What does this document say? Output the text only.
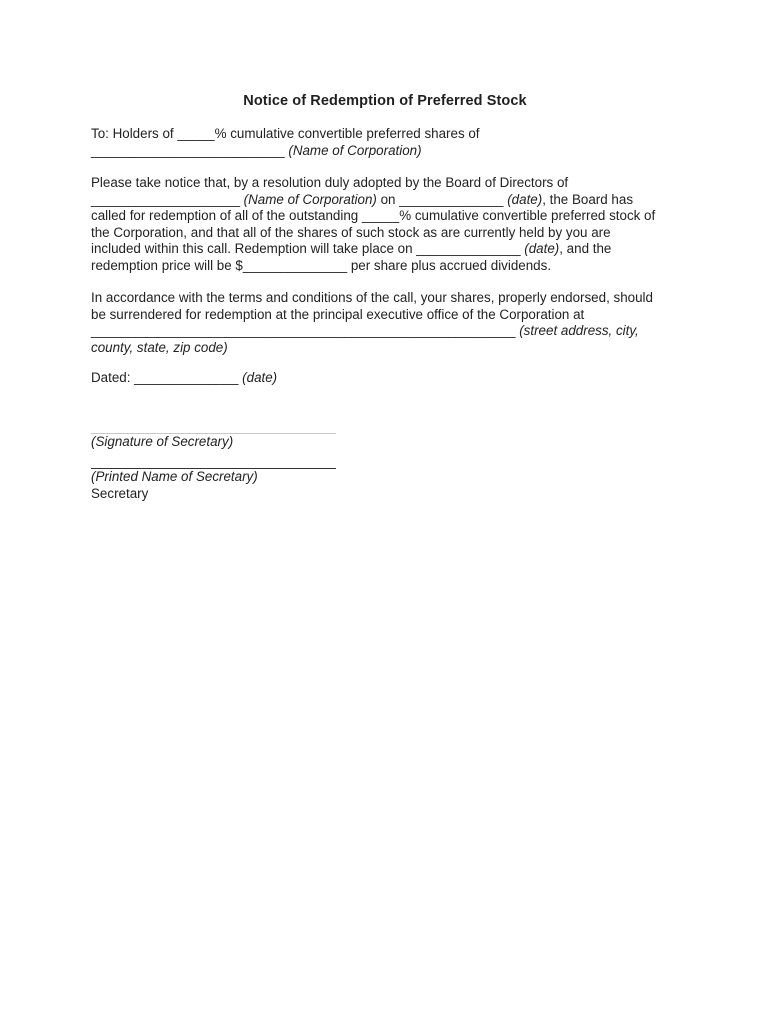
Notice of Redemption of Preferred Stock
To: Holders of _____% cumulative convertible preferred shares of
__________________________ (Name of Corporation)
Please take notice that, by a resolution duly adopted by the Board of Directors of
____________________ (Name of Corporation) on ______________ (date), the Board has
called for redemption of all of the outstanding _____% cumulative convertible preferred stock of
the Corporation, and that all of the shares of such stock as are currently held by you are
included within this call. Redemption will take place on ______________ (date), and the
redemption price will be $______________ per share plus accrued dividends.
In accordance with the terms and conditions of the call, your shares, properly endorsed, should
be surrendered for redemption at the principal executive office of the Corporation at
_________________________________________________________ (street address, city,
county, state, zip code)
Dated: ______________ (date)
(Signature of Secretary)
(Printed Name of Secretary)
Secretary
